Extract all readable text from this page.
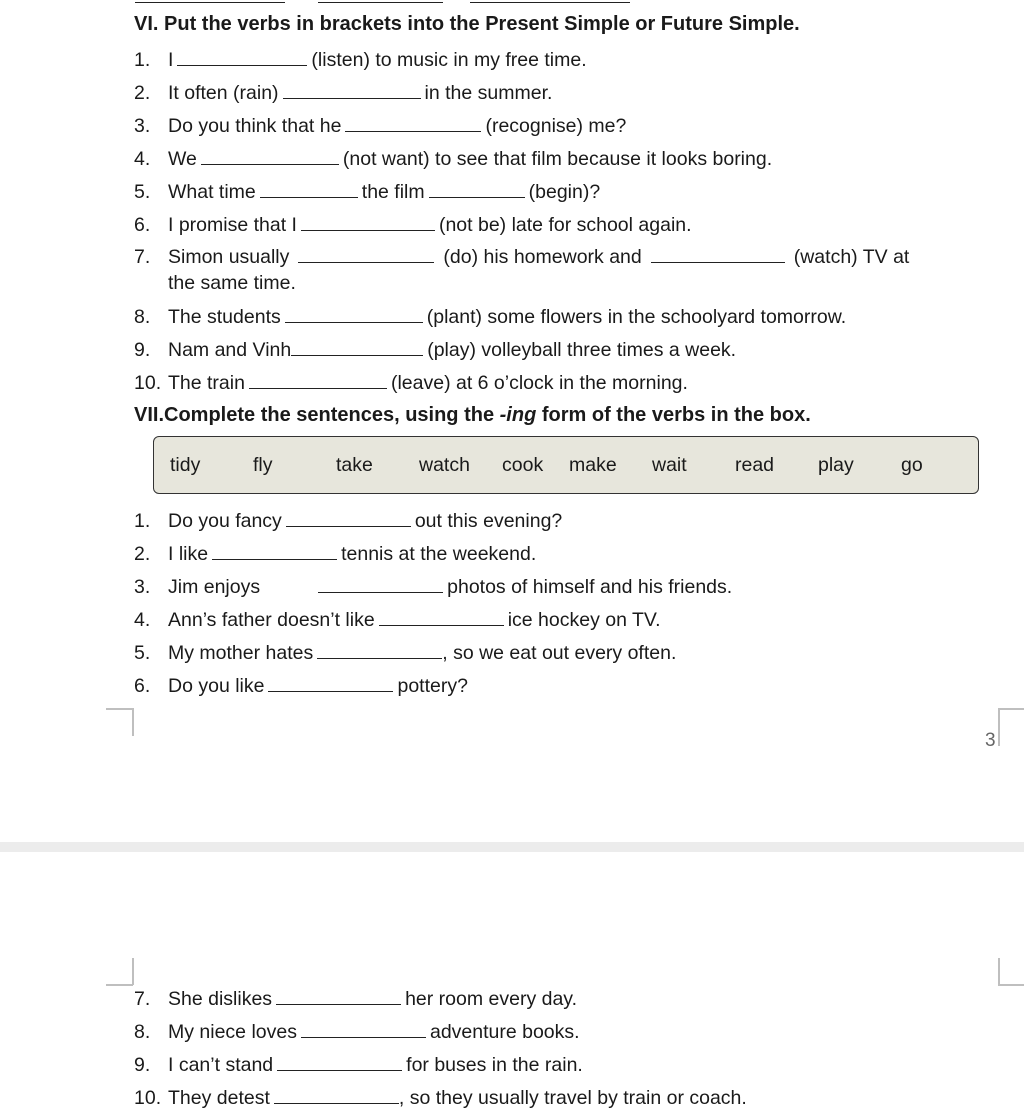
VI. Put the verbs in brackets into the Present Simple or Future Simple.
1. I	(listen) to music in my free time.
2. It often (rain)	in the summer.
3. Do you think that he	(recognise) me?
4. We	(not want) to see that film because it looks boring.
5. What time	the film	(begin)?
6. I promise that I	(not be) late for school again.
7. Simon usually	(do) his homework and	(watch) TV at
the same time.
8. The students	(plant) some flowers in the schoolyard tomorrow.
9. Nam and Vinh	(play) volleyball three times a week.
10. The train	(leave) at 6 o’clock in the morning.
VII.Complete the sentences, using the -ing form of the verbs in the box.
tidy	fly	take watch cook make wait read play go
1. Do you fancy	out this evening?
2. I like	tennis at the weekend.
3. Jim enjoys	photos of himself and his friends.
4. Ann’s father doesn’t like	ice hockey on TV.
5. My mother hates	, so we eat out every often.
6. Do you like	pottery?
3
7. She dislikes	her room every day.
8. My niece loves	adventure books.
9. I can’t stand	for buses in the rain.
10. They detest	, so they usually travel by train or coach.
